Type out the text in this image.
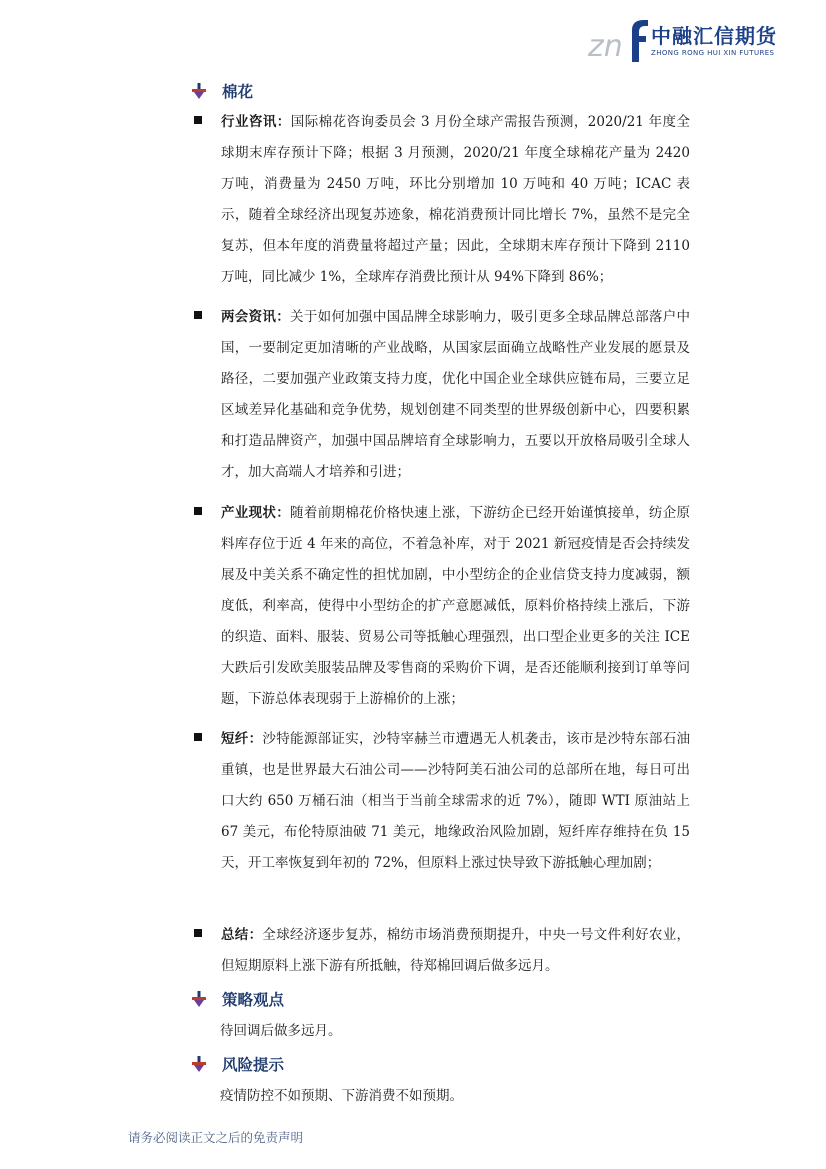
zn 中融汇信期货
ZHONG RONG HUI XIN FUTURES
棉花
行业咨讯：国际棉花咨询委员会 3 月份全球产需报告预测，2020/21 年度全球期末库存预计下降；根据 3 月预测，2020/21 年度全球棉花产量为 2420 万吨，消费量为 2450 万吨，环比分别增加 10 万吨和 40 万吨；ICAC 表示，随着全球经济出现复苏迹象，棉花消费预计同比增长 7%，虽然不是完全复苏，但本年度的消费量将超过产量；因此，全球期末库存预计下降到 2110 万吨，同比减少 1%，全球库存消费比预计从 94%下降到 86%；
两会资讯：关于如何加强中国品牌全球影响力，吸引更多全球品牌总部落户中国，一要制定更加清晰的产业战略，从国家层面确立战略性产业发展的愿景及路径，二要加强产业政策支持力度，优化中国企业全球供应链布局，三要立足区域差异化基础和竞争优势，规划创建不同类型的世界级创新中心，四要积累和打造品牌资产，加强中国品牌培育全球影响力，五要以开放格局吸引全球人才，加大高端人才培养和引进；
产业现状：随着前期棉花价格快速上涨，下游纺企已经开始谨慎接单，纺企原料库存位于近 4 年来的高位，不着急补库，对于 2021 新冠疫情是否会持续发展及中美关系不确定性的担忧加剧，中小型纺企的企业信贷支持力度减弱，额度低，利率高，使得中小型纺企的扩产意愿减低，原料价格持续上涨后，下游的织造、面料、服装、贸易公司等抵触心理强烈，出口型企业更多的关注 ICE 大跌后引发欧美服装品牌及零售商的采购价下调，是否还能顺利接到订单等问题，下游总体表现弱于上游棉价的上涨；
短纤：沙特能源部证实，沙特宰赫兰市遭遇无人机袭击，该市是沙特东部石油重镇，也是世界最大石油公司——沙特阿美石油公司的总部所在地，每日可出口大约 650 万桶石油（相当于当前全球需求的近 7%），随即 WTI 原油站上 67 美元，布伦特原油破 71 美元，地缘政治风险加剧，短纤库存维持在负 15 天，开工率恢复到年初的 72%，但原料上涨过快导致下游抵触心理加剧；
总结：全球经济逐步复苏，棉纺市场消费预期提升，中央一号文件利好农业，但短期原料上涨下游有所抵触，待郑棉回调后做多远月。
策略观点
待回调后做多远月。
风险提示
疫情防控不如预期、下游消费不如预期。
请务必阅读正文之后的免责声明
